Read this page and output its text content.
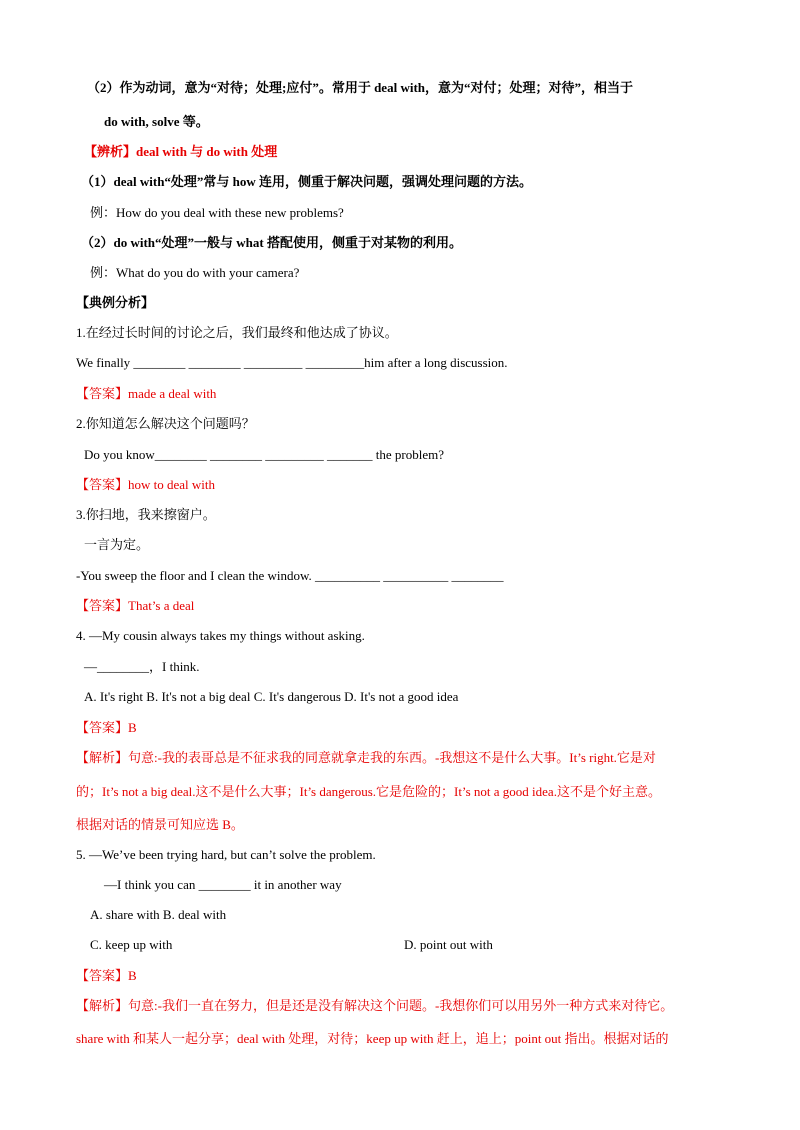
（2）作为动词，意为“对待；处理;应付”。常用于 deal with，意为“对付；处理；对待”，相当于
do with, solve 等。
【辨析】deal with 与 do with 处理
（1）deal with“处理”常与 how 连用，侧重于解决问题，强调处理问题的方法。
例：How do you deal with these new problems?
（2）do with“处理”一般与 what 搭配使用，侧重于对某物的利用。
例：What do you do with your camera?
【典例分析】
1.在经过长时间的讨论之后，我们最终和他达成了协议。
We finally ________ ________ _________ _________him after a long discussion.
【答案】made a deal with
2.你知道怎么解决这个问题吗？
Do you know________ ________ _________ _______ the problem?
【答案】how to deal with
3.你扫地，我来擦窗户。
一言为定。
-You sweep the floor and I clean the window. __________ __________ ________
【答案】That’s a deal
4. —My cousin always takes my things without asking.
—________，I think.
A. It's right B. It's not a big deal C. It's dangerous D. It's not a good idea
【答案】B
【解析】句意:-我的表哥总是不征求我的同意就拿走我的东西。-我想这不是什么大事。It’s right.它是对
的；It’s not a big deal.这不是什么大事；It’s dangerous.它是危险的；It’s not a good idea.这不是个好主意。
根据对话的情景可知应选 B。
5. —We’ve been trying hard, but can’t solve the problem.
—I think you can ________ it in another way
A. share with B. deal with
C. keep up with	D. point out with
【答案】B
【解析】句意:-我们一直在努力，但是还是没有解决这个问题。-我想你们可以用另外一种方式来对待它。
share with 和某人一起分享；deal with 处理，对待；keep up with 赶上，追上；point out 指出。根据对话的
